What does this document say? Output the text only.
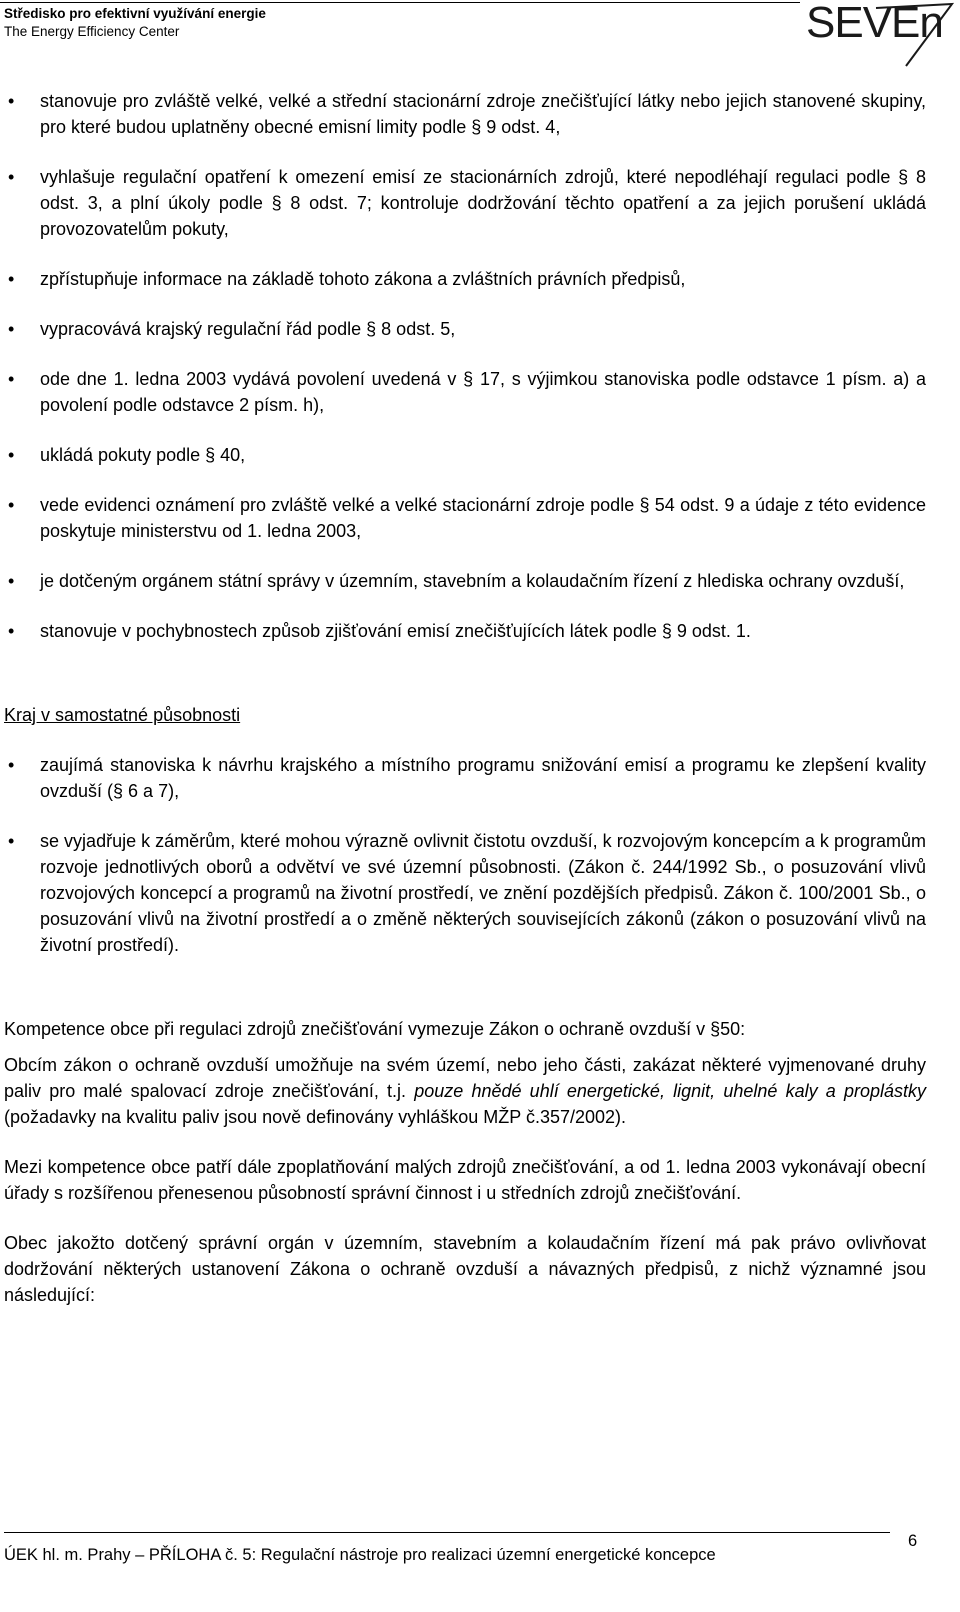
Středisko pro efektivní využívání energie
The Energy Efficiency Center	SEVEn
• stanovuje pro zvláště velké, velké a střední stacionární zdroje znečišťující látky nebo jejich stanovené skupiny, pro které budou uplatněny obecné emisní limity podle § 9 odst. 4,
• vyhlašuje regulační opatření k omezení emisí ze stacionárních zdrojů, které nepodléhají regulaci podle § 8 odst. 3, a plní úkoly podle § 8 odst. 7; kontroluje dodržování těchto opatření a za jejich porušení ukládá provozovatelům pokuty,
• zpřístupňuje informace na základě tohoto zákona a zvláštních právních předpisů,
• vypracovává krajský regulační řád podle § 8 odst. 5,
• ode dne 1. ledna 2003 vydává povolení uvedená v § 17, s výjimkou stanoviska podle odstavce 1 písm. a) a povolení podle odstavce 2 písm. h),
• ukládá pokuty podle § 40,
• vede evidenci oznámení pro zvláště velké a velké stacionární zdroje podle § 54 odst. 9 a údaje z této evidence poskytuje ministerstvu od 1. ledna 2003,
• je dotčeným orgánem státní správy v územním, stavebním a kolaudačním řízení z hlediska ochrany ovzduší,
• stanovuje v pochybnostech způsob zjišťování emisí znečišťujících látek podle § 9 odst. 1.
Kraj v samostatné působnosti
• zaujímá stanoviska k návrhu krajského a místního programu snižování emisí a programu ke zlepšení kvality ovzduší (§ 6 a 7),
• se vyjadřuje k záměrům, které mohou výrazně ovlivnit čistotu ovzduší, k rozvojovým koncepcím a k programům rozvoje jednotlivých oborů a odvětví ve své územní působnosti. (Zákon č. 244/1992 Sb., o posuzování vlivů rozvojových koncepcí a programů na životní prostředí, ve znění pozdějších předpisů. Zákon č. 100/2001 Sb., o posuzování vlivů na životní prostředí a o změně některých souvisejících zákonů (zákon o posuzování vlivů na životní prostředí).
Kompetence obce při regulaci zdrojů znečišťování vymezuje Zákon o ochraně ovzduší v §50:
Obcím zákon o ochraně ovzduší umožňuje na svém území, nebo jeho části, zakázat některé vyjmenované druhy paliv pro malé spalovací zdroje znečišťování, t.j. pouze hnědé uhlí energetické, lignit, uhelné kaly a proplástky (požadavky na kvalitu paliv jsou nově definovány vyhláškou MŽP č.357/2002).
Mezi kompetence obce patří dále zpoplatňování malých zdrojů znečišťování, a od 1. ledna 2003 vykonávají obecní úřady s rozšířenou přenesenou působností správní činnost i u středních zdrojů znečišťování.
Obec jakožto dotčený správní orgán v územním, stavebním a kolaudačním řízení má pak právo ovlivňovat dodržování některých ustanovení Zákona o ochraně ovzduší a návazných předpisů, z nichž významné jsou následující:
ÚEK hl. m. Prahy – PŘÍLOHA č. 5: Regulační nástroje pro realizaci územní energetické koncepce
6
